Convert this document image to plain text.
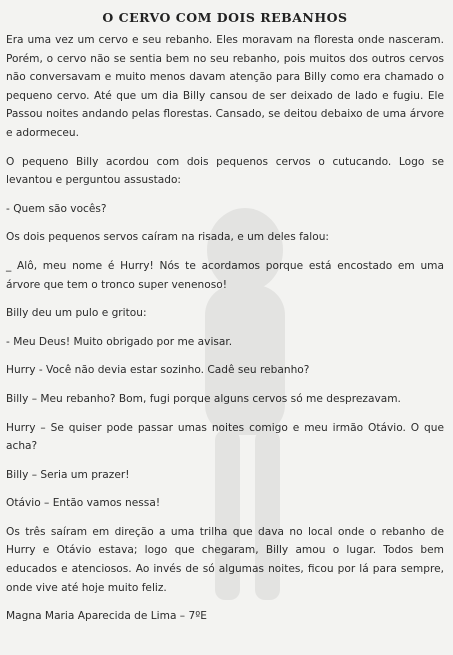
O CERVO COM DOIS REBANHOS

Era uma vez um cervo e seu rebanho. Eles moravam na floresta onde nasceram. Porém, o cervo não se sentia bem no seu rebanho, pois muitos dos outros cervos não conversavam e muito menos davam atenção para Billy como era chamado o pequeno cervo. Até que um dia Billy cansou de ser deixado de lado e fugiu. Ele Passou noites andando pelas florestas. Cansado, se deitou debaixo de uma árvore e adormeceu.

O pequeno Billy acordou com dois pequenos cervos o cutucando. Logo se levantou e perguntou assustado:

- Quem são vocês?

Os dois pequenos servos caíram na risada, e um deles falou:

_ Alô, meu nome é Hurry! Nós te acordamos porque está encostado em uma árvore que tem o tronco super venenoso!

Billy deu um pulo e gritou:

- Meu Deus! Muito obrigado por me avisar.

Hurry - Você não devia estar sozinho. Cadê seu rebanho?

Billy – Meu rebanho? Bom, fugi porque alguns cervos só me desprezavam.

Hurry – Se quiser pode passar umas noites comigo e meu irmão Otávio. O que acha?

Billy – Seria um prazer!

Otávio – Então vamos nessa!

Os três saíram em direção a uma trilha que dava no local onde o rebanho de Hurry e Otávio estava; logo que chegaram, Billy amou o lugar. Todos bem educados e atenciosos. Ao invés de só algumas noites, ficou por lá para sempre, onde vive até hoje muito feliz.

Magna Maria Aparecida de Lima – 7ºE
